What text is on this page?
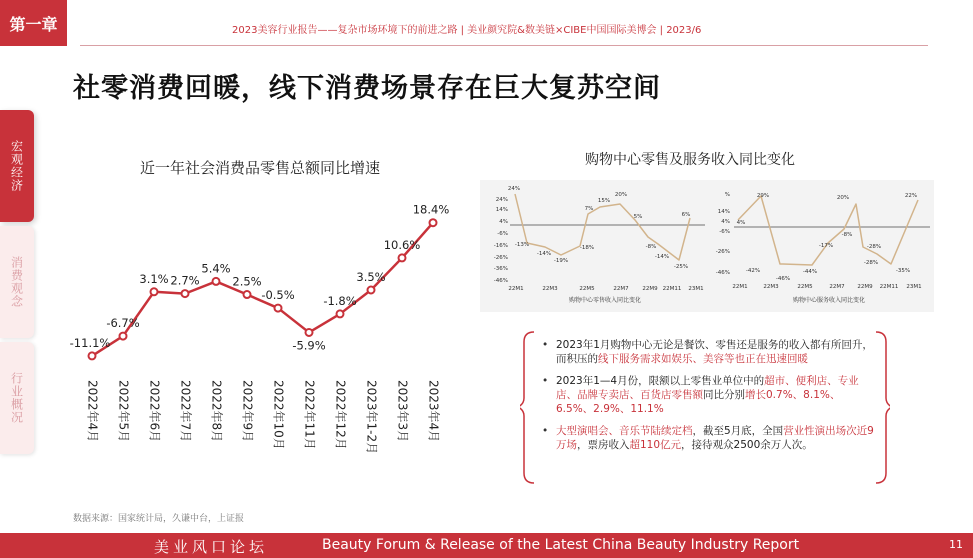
第一章	2023美容行业报告——复杂市场环境下的前进之路 | 美业颜究院&数美链×CIBE中国国际美博会 | 2023/6
社零消费回暖，线下消费场景存在巨大复苏空间
宏观经济
消费观念
行业概况
近一年社会消费品零售总额同比增速
-11.1%
-6.7%
3.1% 2.7%
5.4%
2.5%
-0.5%
-5.9%
-1.8%
3.5%
10.6%
18.4%
2022年4月 2022年5月 2022年6月 2022年7月 2022年8月 2022年9月 2022年10月 2022年11月 2022年12月 2023年1-2月 2023年3月 2023年4月
购物中心零售及服务收入同比变化
24%
14%
4%
-6%
-16%
-26%
-36%
-46%
22M1	22M3	22M5	22M7	22M9 22M11 23M1
24%
-13%
-14%
-19%
-18%
7%
15%
20%
5%
-8%
-14%
-25%
6%
购物中心零售收入同比变化
%
14%
4%
-6%
-26%
-46%
22M1	22M3	22M5	22M7 22M9 22M11 23M1
4%
29%
-42%
-46%
-44%
-17%
-8%
20%
-28%
-28%
-35%
22%
购物中心服务收入同比变化
• 2023年1月购物中心无论是餐饮、零售还是服务的收入都有所回升，而积压的线下服务需求如娱乐、美容等也正在迅速回暖
• 2023年1—4月份，限额以上零售业单位中的超市、便利店、专业店、品牌专卖店、百货店零售额同比分别增长0.7%、8.1%、6.5%、2.9%、11.1%
• 大型演唱会、音乐节陆续定档，截至5月底，全国营业性演出场次近9万场，票房收入超110亿元，接待观众2500余万人次。
数据来源：国家统计局，久谦中台，上证报
美业风口论坛	Beauty Forum & Release of the Latest China Beauty Industry Report	11
